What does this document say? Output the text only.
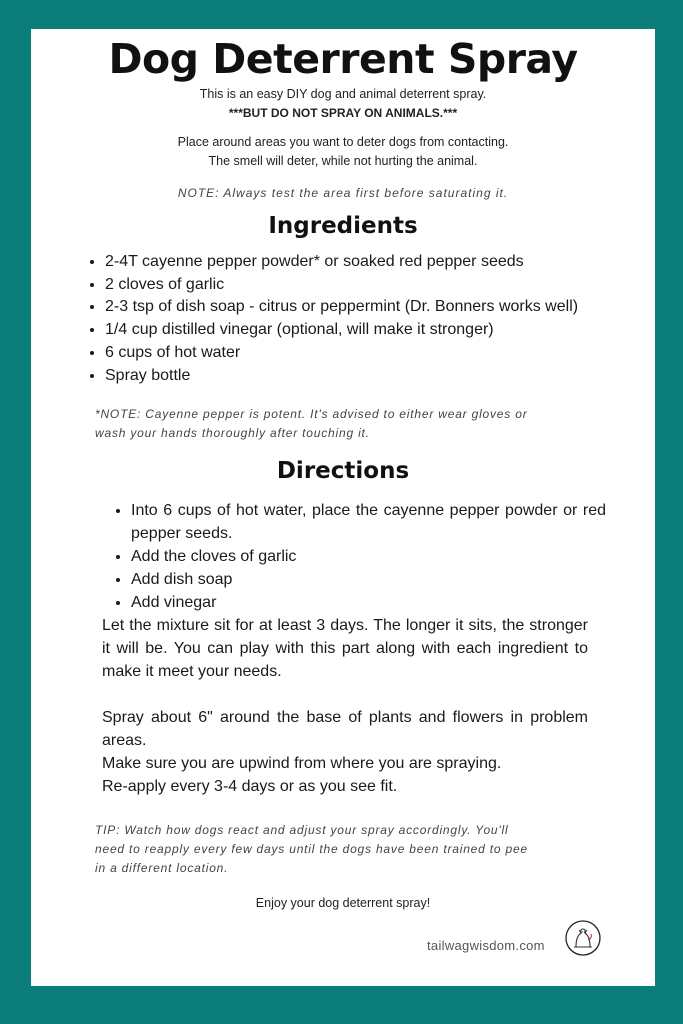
Dog Deterrent Spray
This is an easy DIY dog and animal deterrent spray.
***BUT DO NOT SPRAY ON ANIMALS.***
Place around areas you want to deter dogs from contacting.
The smell will deter, while not hurting the animal.
NOTE: Always test the area first before saturating it.
Ingredients
• 2-4T cayenne pepper powder* or soaked red pepper seeds
• 2 cloves of garlic
• 2-3 tsp of dish soap - citrus or peppermint (Dr. Bonners works well)
• 1/4 cup distilled vinegar (optional, will make it stronger)
• 6 cups of hot water
• Spray bottle
*NOTE: Cayenne pepper is potent. It's advised to either wear gloves or
wash your hands thoroughly after touching it.
Directions
• Into 6 cups of hot water, place the cayenne pepper powder or red pepper seeds.
• Add the cloves of garlic
• Add dish soap
• Add vinegar
Let the mixture sit for at least 3 days. The longer it sits, the stronger it will be. You can play with this part along with each ingredient to make it meet your needs.
Spray about 6" around the base of plants and flowers in problem areas.
Make sure you are upwind from where you are spraying.
Re-apply every 3-4 days or as you see fit.
TIP: Watch how dogs react and adjust your spray accordingly. You'll
need to reapply every few days until the dogs have been trained to pee
in a different location.
Enjoy your dog deterrent spray!
tailwagwisdom.com
